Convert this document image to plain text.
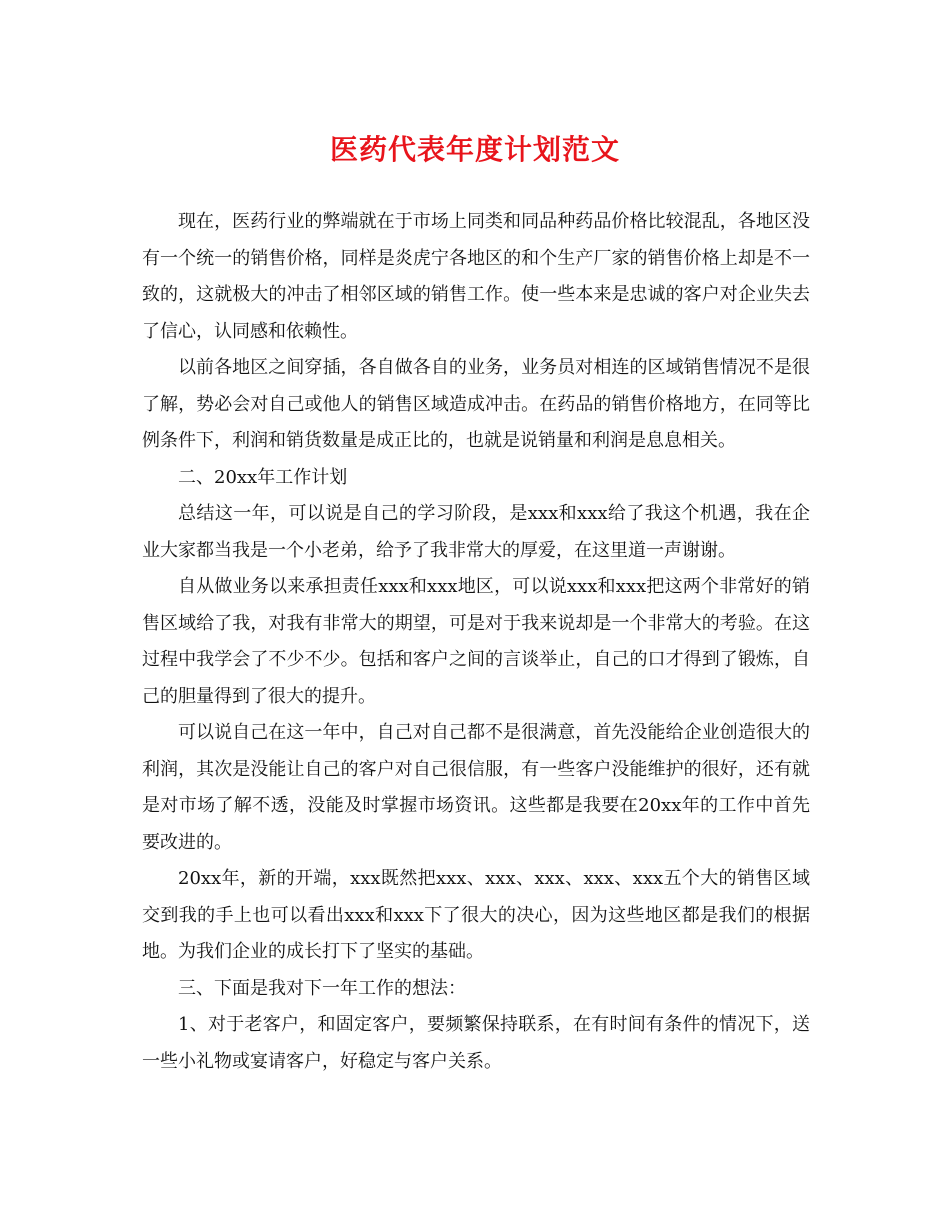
医药代表年度计划范文

现在，医药行业的弊端就在于市场上同类和同品种药品价格比较混乱，各地区没有一个统一的销售价格，同样是炎虎宁各地区的和个生产厂家的销售价格上却是不一致的，这就极大的冲击了相邻区域的销售工作。使一些本来是忠诚的客户对企业失去了信心，认同感和依赖性。

以前各地区之间穿插，各自做各自的业务，业务员对相连的区域销售情况不是很了解，势必会对自己或他人的销售区域造成冲击。在药品的销售价格地方，在同等比例条件下，利润和销货数量是成正比的，也就是说销量和利润是息息相关。

二、20xx年工作计划

总结这一年，可以说是自己的学习阶段，是xxx和xxx给了我这个机遇，我在企业大家都当我是一个小老弟，给予了我非常大的厚爱，在这里道一声谢谢。

自从做业务以来承担责任xxx和xxx地区，可以说xxx和xxx把这两个非常好的销售区域给了我，对我有非常大的期望，可是对于我来说却是一个非常大的考验。在这过程中我学会了不少不少。包括和客户之间的言谈举止，自己的口才得到了锻炼，自己的胆量得到了很大的提升。

可以说自己在这一年中，自己对自己都不是很满意，首先没能给企业创造很大的利润，其次是没能让自己的客户对自己很信服，有一些客户没能维护的很好，还有就是对市场了解不透，没能及时掌握市场资讯。这些都是我要在20xx年的工作中首先要改进的。

20xx年，新的开端，xxx既然把xxx、xxx、xxx、xxx、xxx五个大的销售区域交到我的手上也可以看出xxx和xxx下了很大的决心，因为这些地区都是我们的根据地。为我们企业的成长打下了坚实的基础。

三、下面是我对下一年工作的想法：

1、对于老客户，和固定客户，要频繁保持联系，在有时间有条件的情况下，送一些小礼物或宴请客户，好稳定与客户关系。
